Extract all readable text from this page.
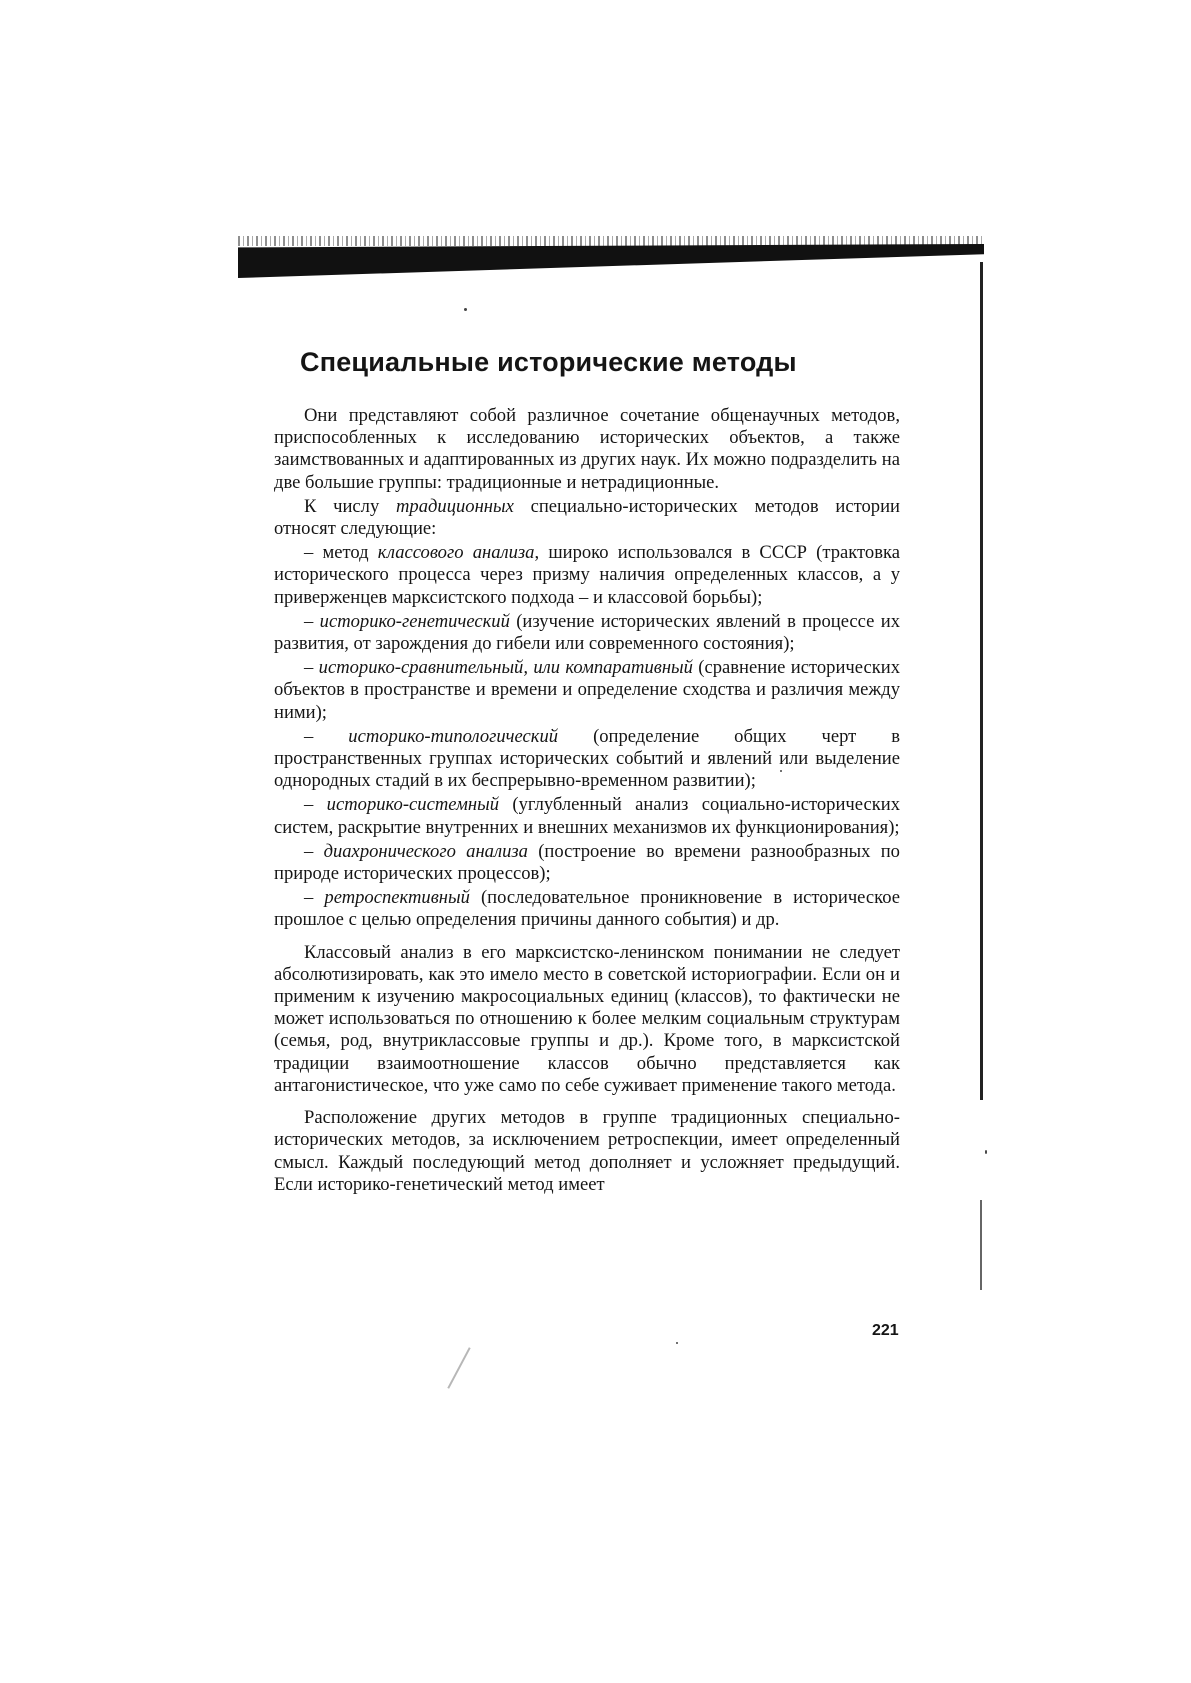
Специальные исторические методы

Они представляют собой различное сочетание общенаучных методов, приспособленных к исследованию исторических объектов, а также заимствованных и адаптированных из других наук. Их можно подразделить на две большие группы: традиционные и нетрадиционные.

К числу традиционных специально-исторических методов истории относят следующие:

– метод классового анализа, широко использовался в СССР (трактовка исторического процесса через призму наличия определенных классов, а у приверженцев марксистского подхода – и классовой борьбы);

– историко-генетический (изучение исторических явлений в процессе их развития, от зарождения до гибели или современного состояния);

– историко-сравнительный, или компаративный (сравнение исторических объектов в пространстве и времени и определение сходства и различия между ними);

– историко-типологический (определение общих черт в пространственных группах исторических событий и явлений или выделение однородных стадий в их беспрерывно-временном развитии);

– историко-системный (углубленный анализ социально-исторических систем, раскрытие внутренних и внешних механизмов их функционирования);

– диахронического анализа (построение во времени разнообразных по природе исторических процессов);

– ретроспективный (последовательное проникновение в историческое прошлое с целью определения причины данного события) и др.

Классовый анализ в его марксистско-ленинском понимании не следует абсолютизировать, как это имело место в советской историографии. Если он и применим к изучению макросоциальных единиц (классов), то фактически не может использоваться по отношению к более мелким социальным структурам (семья, род, внутриклассовые группы и др.). Кроме того, в марксистской традиции взаимоотношение классов обычно представляется как антагонистическое, что уже само по себе суживает применение такого метода.

Расположение других методов в группе традиционных специально-исторических методов, за исключением ретроспекции, имеет определенный смысл. Каждый последующий метод дополняет и усложняет предыдущий. Если историко-генетический метод имеет

221
